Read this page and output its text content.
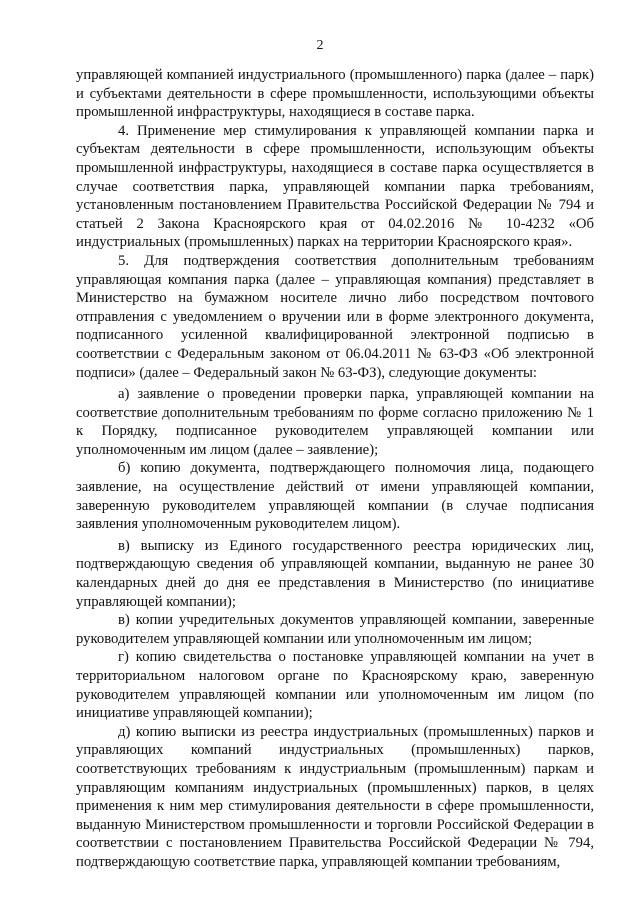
2

управляющей компанией индустриального (промышленного) парка (далее – парк) и субъектами деятельности в сфере промышленности, использующими объекты промышленной инфраструктуры, находящиеся в составе парка.

4. Применение мер стимулирования к управляющей компании парка и субъектам деятельности в сфере промышленности, использующим объекты промышленной инфраструктуры, находящиеся в составе парка осуществляется в случае соответствия парка, управляющей компании парка требованиям, установленным постановлением Правительства Российской Федерации № 794 и статьей 2 Закона Красноярского края от 04.02.2016 № 10-4232 «Об индустриальных (промышленных) парках на территории Красноярского края».

5. Для подтверждения соответствия дополнительным требованиям управляющая компания парка (далее – управляющая компания) представляет в Министерство на бумажном носителе лично либо посредством почтового отправления с уведомлением о вручении или в форме электронного документа, подписанного усиленной квалифицированной электронной подписью в соответствии с Федеральным законом от 06.04.2011 № 63-ФЗ «Об электронной подписи» (далее – Федеральный закон № 63-ФЗ), следующие документы:

а) заявление о проведении проверки парка, управляющей компании на соответствие дополнительным требованиям по форме согласно приложению № 1 к Порядку, подписанное руководителем управляющей компании или уполномоченным им лицом (далее – заявление);

б) копию документа, подтверждающего полномочия лица, подающего заявление, на осуществление действий от имени управляющей компании, заверенную руководителем управляющей компании (в случае подписания заявления уполномоченным руководителем лицом).

в) выписку из Единого государственного реестра юридических лиц, подтверждающую сведения об управляющей компании, выданную не ранее 30 календарных дней до дня ее представления в Министерство (по инициативе управляющей компании);

в) копии учредительных документов управляющей компании, заверенные руководителем управляющей компании или уполномоченным им лицом;

г) копию свидетельства о постановке управляющей компании на учет в территориальном налоговом органе по Красноярскому краю, заверенную руководителем управляющей компании или уполномоченным им лицом (по инициативе управляющей компании);

д) копию выписки из реестра индустриальных (промышленных) парков и управляющих компаний индустриальных (промышленных) парков, соответствующих требованиям к индустриальным (промышленным) паркам и управляющим компаниям индустриальных (промышленных) парков, в целях применения к ним мер стимулирования деятельности в сфере промышленности, выданную Министерством промышленности и торговли Российской Федерации в соответствии с постановлением Правительства Российской Федерации № 794, подтверждающую соответствие парка, управляющей компании требованиям,
